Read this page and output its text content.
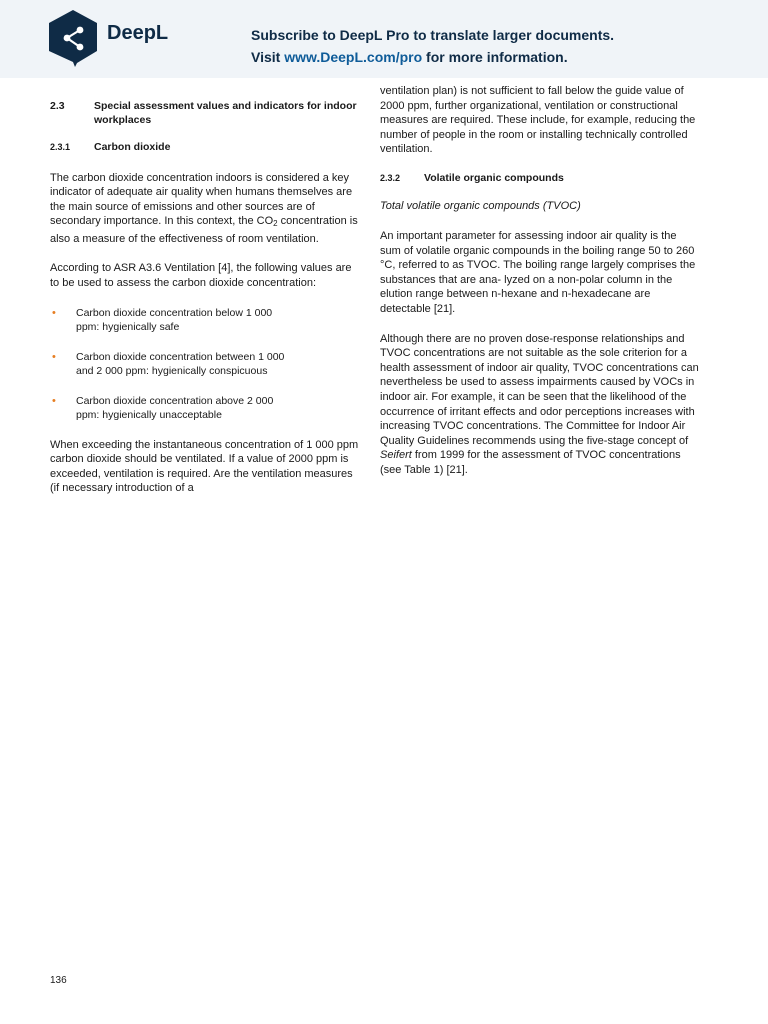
DeepL	Subscribe to DeepL Pro to translate larger documents.
Visit www.DeepL.com/pro for more information.
2.3	Special assessment values and indicators for indoor workplaces
2.3.1	Carbon dioxide

The carbon dioxide concentration indoors is considered a key indicator of adequate air quality when humans themselves are the main source of emissions and other sources are of secondary importance. In this context, the $CO_2$ concentration is also a measure of the effectiveness of room ventilation.

According to ASR A3.6 Ventilation [4], the following values are to be used to assess the carbon dioxide concentration:

• Carbon dioxide concentration below 1 000 ppm: hygienically safe
• Carbon dioxide concentration between 1 000 and 2 000 ppm: hygienically conspicuous
• Carbon dioxide concentration above 2 000 ppm: hygienically unacceptable

When exceeding the instantaneous concentration of 1 000 ppm carbon dioxide should be ventilated. If a value of 2000 ppm is exceeded, ventilation is required. Are the ventilation measures (if necessary introduction of a

ventilation plan) is not sufficient to fall below the guide value of 2000 ppm, further organizational, ventilation or constructional measures are required. These include, for example, reducing the number of people in the room or installing technically controlled ventilation.

2.3.2	Volatile organic compounds

Total volatile organic compounds (TVOC)

An important parameter for assessing indoor air quality is the sum of volatile organic compounds in the boiling range 50 to 260 °C, referred to as TVOC. The boiling range largely comprises the substances that are ana- lyzed on a non-polar column in the elution range between n-hexane and n-hexadecane are detectable [21].

Although there are no proven dose-response relationships and TVOC concentrations are not suitable as the sole criterion for a health assessment of indoor air quality, TVOC concentrations can nevertheless be used to assess impairments caused by VOCs in indoor air. For example, it can be seen that the likelihood of the occurrence of irritant effects and odor perceptions increases with increasing TVOC concentrations. The Committee for Indoor Air Quality Guidelines recommends using the five-stage concept of Seifert from 1999 for the assessment of TVOC concentrations (see Table 1) [21].

136
